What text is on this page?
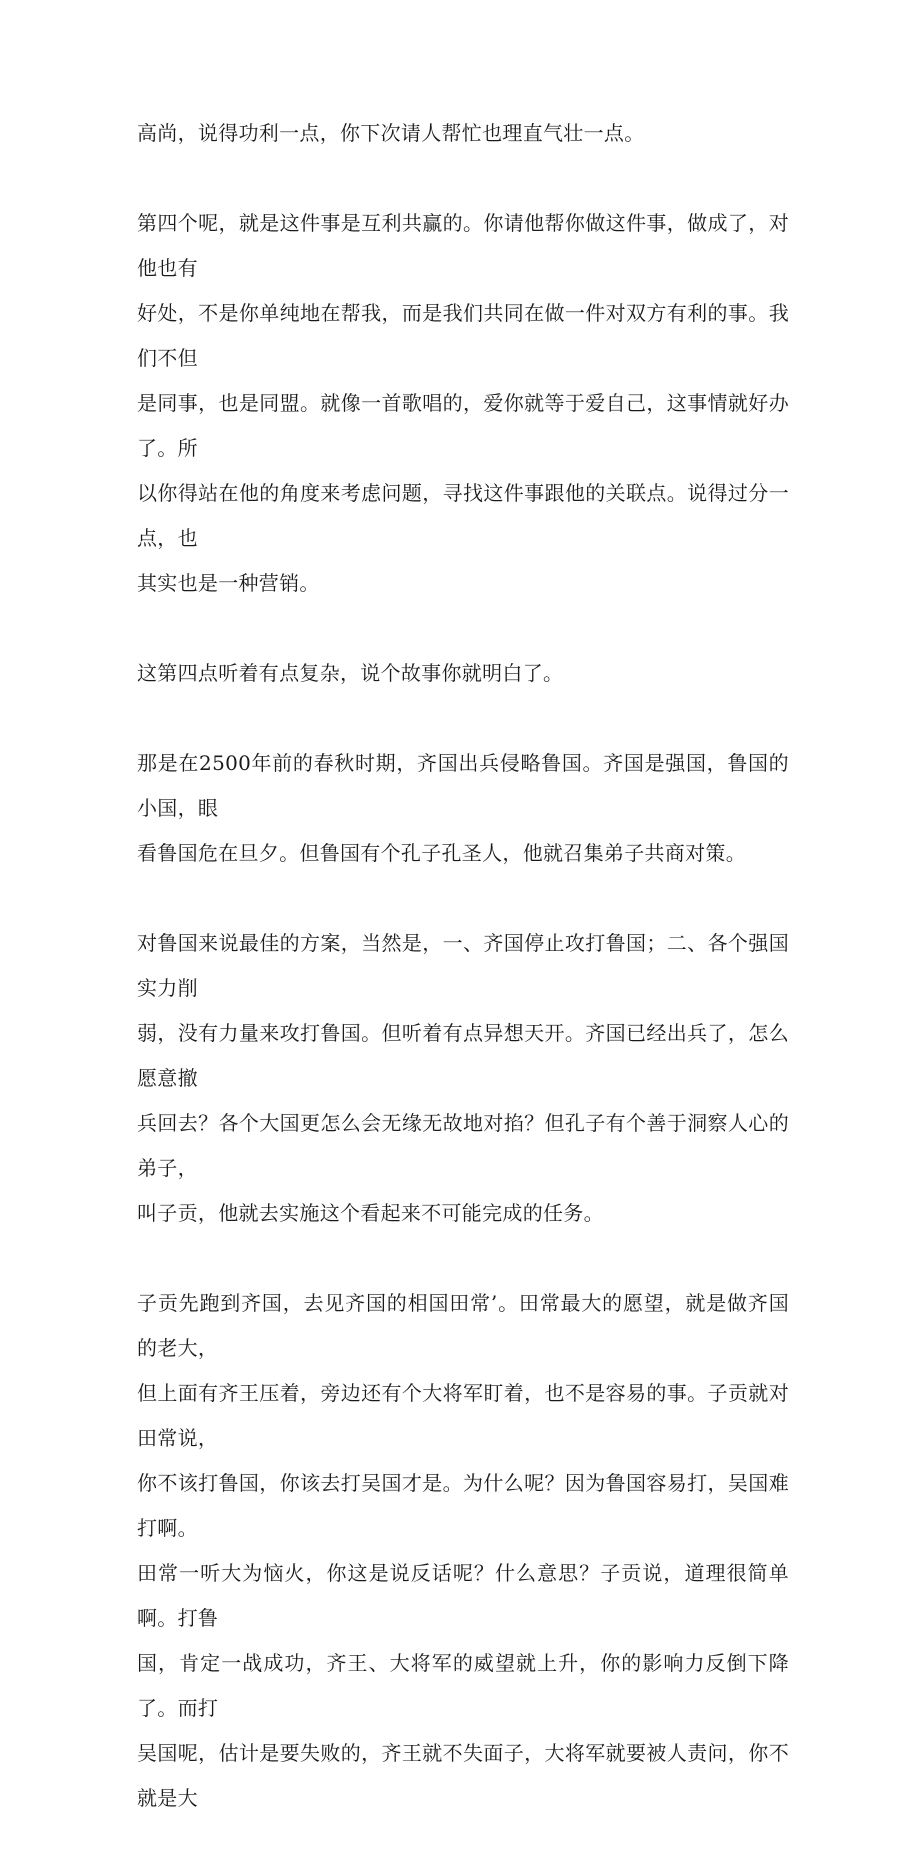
高尚，说得功利一点，你下次请人帮忙也理直气壮一点。

第四个呢，就是这件事是互利共赢的。你请他帮你做这件事，做成了，对他也有
好处，不是你单纯地在帮我，而是我们共同在做一件对双方有利的事。我们不但
是同事，也是同盟。就像一首歌唱的，爱你就等于爱自己，这事情就好办了。所
以你得站在他的角度来考虑问题，寻找这件事跟他的关联点。说得过分一点，也
其实也是一种营销。

这第四点听着有点复杂，说个故事你就明白了。

那是在2500年前的春秋时期，齐国出兵侵略鲁国。齐国是强国，鲁国的小国，眼
看鲁国危在旦夕。但鲁国有个孔子孔圣人，他就召集弟子共商对策。

对鲁国来说最佳的方案，当然是，一、齐国停止攻打鲁国；二、各个强国实力削
弱，没有力量来攻打鲁国。但听着有点异想天开。齐国已经出兵了，怎么愿意撤
兵回去？各个大国更怎么会无缘无故地对掐？但孔子有个善于洞察人心的弟子，
叫子贡，他就去实施这个看起来不可能完成的任务。

子贡先跑到齐国，去见齐国的相国田常’。田常最大的愿望，就是做齐国的老大，
但上面有齐王压着，旁边还有个大将军盯着，也不是容易的事。子贡就对田常说，
你不该打鲁国，你该去打吴国才是。为什么呢？因为鲁国容易打，吴国难打啊。
田常一听大为恼火，你这是说反话呢？什么意思？子贡说，道理很简单啊。打鲁
国，肯定一战成功，齐王、大将军的威望就上升，你的影响力反倒下降了。而打
吴国呢，估计是要失败的，齐王就不失面子，大将军就要被人责问，你不就是大
